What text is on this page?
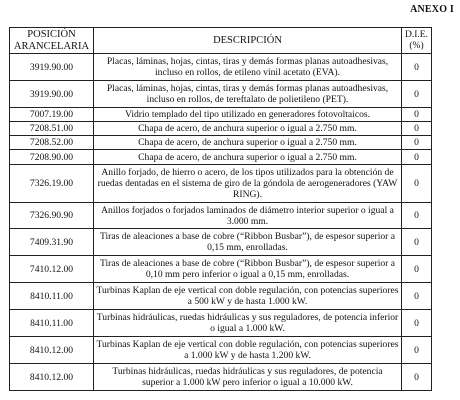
ANEXO I
POSICIÓN
ARANCELARIA	DESCRIPCIÓN	D.I.E.
(%)
3919.90.00	Placas, láminas, hojas, cintas, tiras y demás formas planas autoadhesivas, incluso en rollos, de etileno vinil acetato (EVA).	0
3919.90.00	Placas, láminas, hojas, cintas, tiras y demás formas planas autoadhesivas, incluso en rollos, de tereftalato de polietileno (PET).	0
7007.19.00	Vidrio templado del tipo utilizado en generadores fotovoltaicos.	0
7208.51.00	Chapa de acero, de anchura superior o igual a 2.750 mm.	0
7208.52.00	Chapa de acero, de anchura superior o igual a 2.750 mm.	0
7208.90.00	Chapa de acero, de anchura superior o igual a 2.750 mm.	0
7326.19.00	Anillo forjado, de hierro o acero, de los tipos utilizados para la obtención de ruedas dentadas en el sistema de giro de la góndola de aerogeneradores (YAW RING).	0
7326.90.90	Anillos forjados o forjados laminados de diámetro interior superior o igual a 3.000 mm.	0
7409.31.90	Tiras de aleaciones a base de cobre (“Ribbon Busbar”), de espesor superior a 0,15 mm, enrolladas.	0
7410.12.00	Tiras de aleaciones a base de cobre (“Ribbon Busbar”), de espesor superior a 0,10 mm pero inferior o igual a 0,15 mm, enrolladas.	0
8410.11.00	Turbinas Kaplan de eje vertical con doble regulación, con potencias superiores a 500 kW y de hasta 1.000 kW.	0
8410.11.00	Turbinas hidráulicas, ruedas hidráulicas y sus reguladores, de potencia inferior o igual a 1.000 kW.	0
8410.12.00	Turbinas Kaplan de eje vertical con doble regulación, con potencias superiores a 1.000 kW y de hasta 1.200 kW.	0
8410.12.00	Turbinas hidráulicas, ruedas hidráulicas y sus reguladores, de potencia superior a 1.000 kW pero inferior o igual a 10.000 kW.	0
